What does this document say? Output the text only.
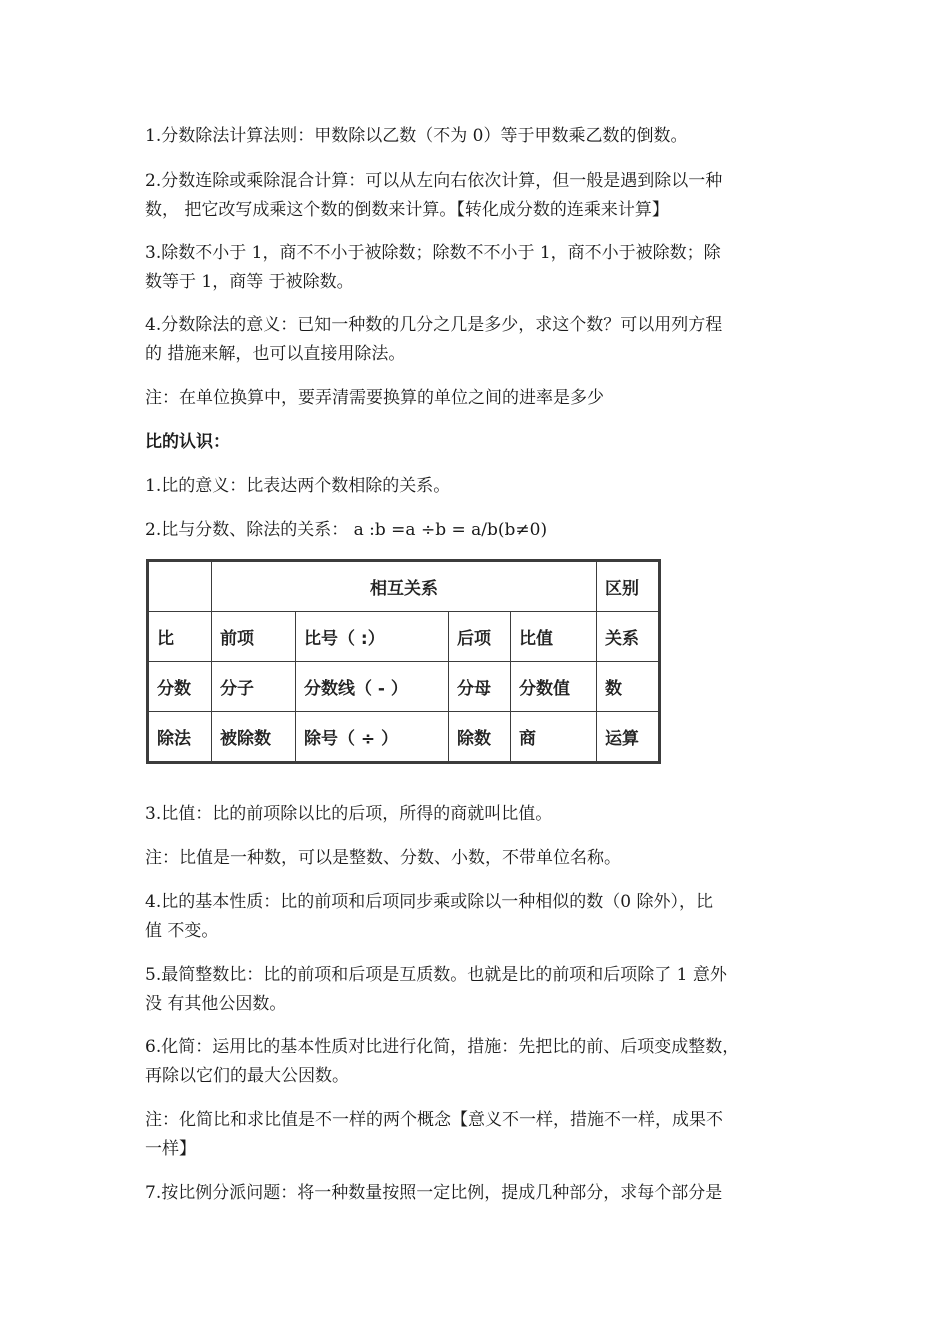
1.分数除法计算法则：甲数除以乙数（不为 0）等于甲数乘乙数的倒数。

2.分数连除或乘除混合计算：可以从左向右依次计算，但一般是遇到除以一种
数， 把它改写成乘这个数的倒数来计算。【转化成分数的连乘来计算】

3.除数不小于 1，商不不小于被除数；除数不不小于 1，商不小于被除数；除
数等于 1，商等 于被除数。

4.分数除法的意义：已知一种数的几分之几是多少，求这个数？可以用列方程
的 措施来解，也可以直接用除法。

注：在单位换算中，要弄清需要换算的单位之间的进率是多少

比的认识：

1.比的意义：比表达两个数相除的关系。

2.比与分数、除法的关系： a :b =a ÷b = a/b(b≠0)

	相互关系				区别
比	前项	比号（ :）	后项	比值	关系
分数	分子	分数线（ - ）	分母	分数值	数
除法	被除数	除号（ ÷ ）	除数	商	运算

3.比值：比的前项除以比的后项，所得的商就叫比值。

注：比值是一种数，可以是整数、分数、小数，不带单位名称。

4.比的基本性质：比的前项和后项同步乘或除以一种相似的数（0 除外），比
值 不变。

5.最简整数比：比的前项和后项是互质数。也就是比的前项和后项除了 1 意外
没 有其他公因数。

6.化简：运用比的基本性质对比进行化简，措施：先把比的前、后项变成整数，
再除以它们的最大公因数。

注：化简比和求比值是不一样的两个概念【意义不一样，措施不一样，成果不
一样】

7.按比例分派问题：将一种数量按照一定比例，提成几种部分，求每个部分是
